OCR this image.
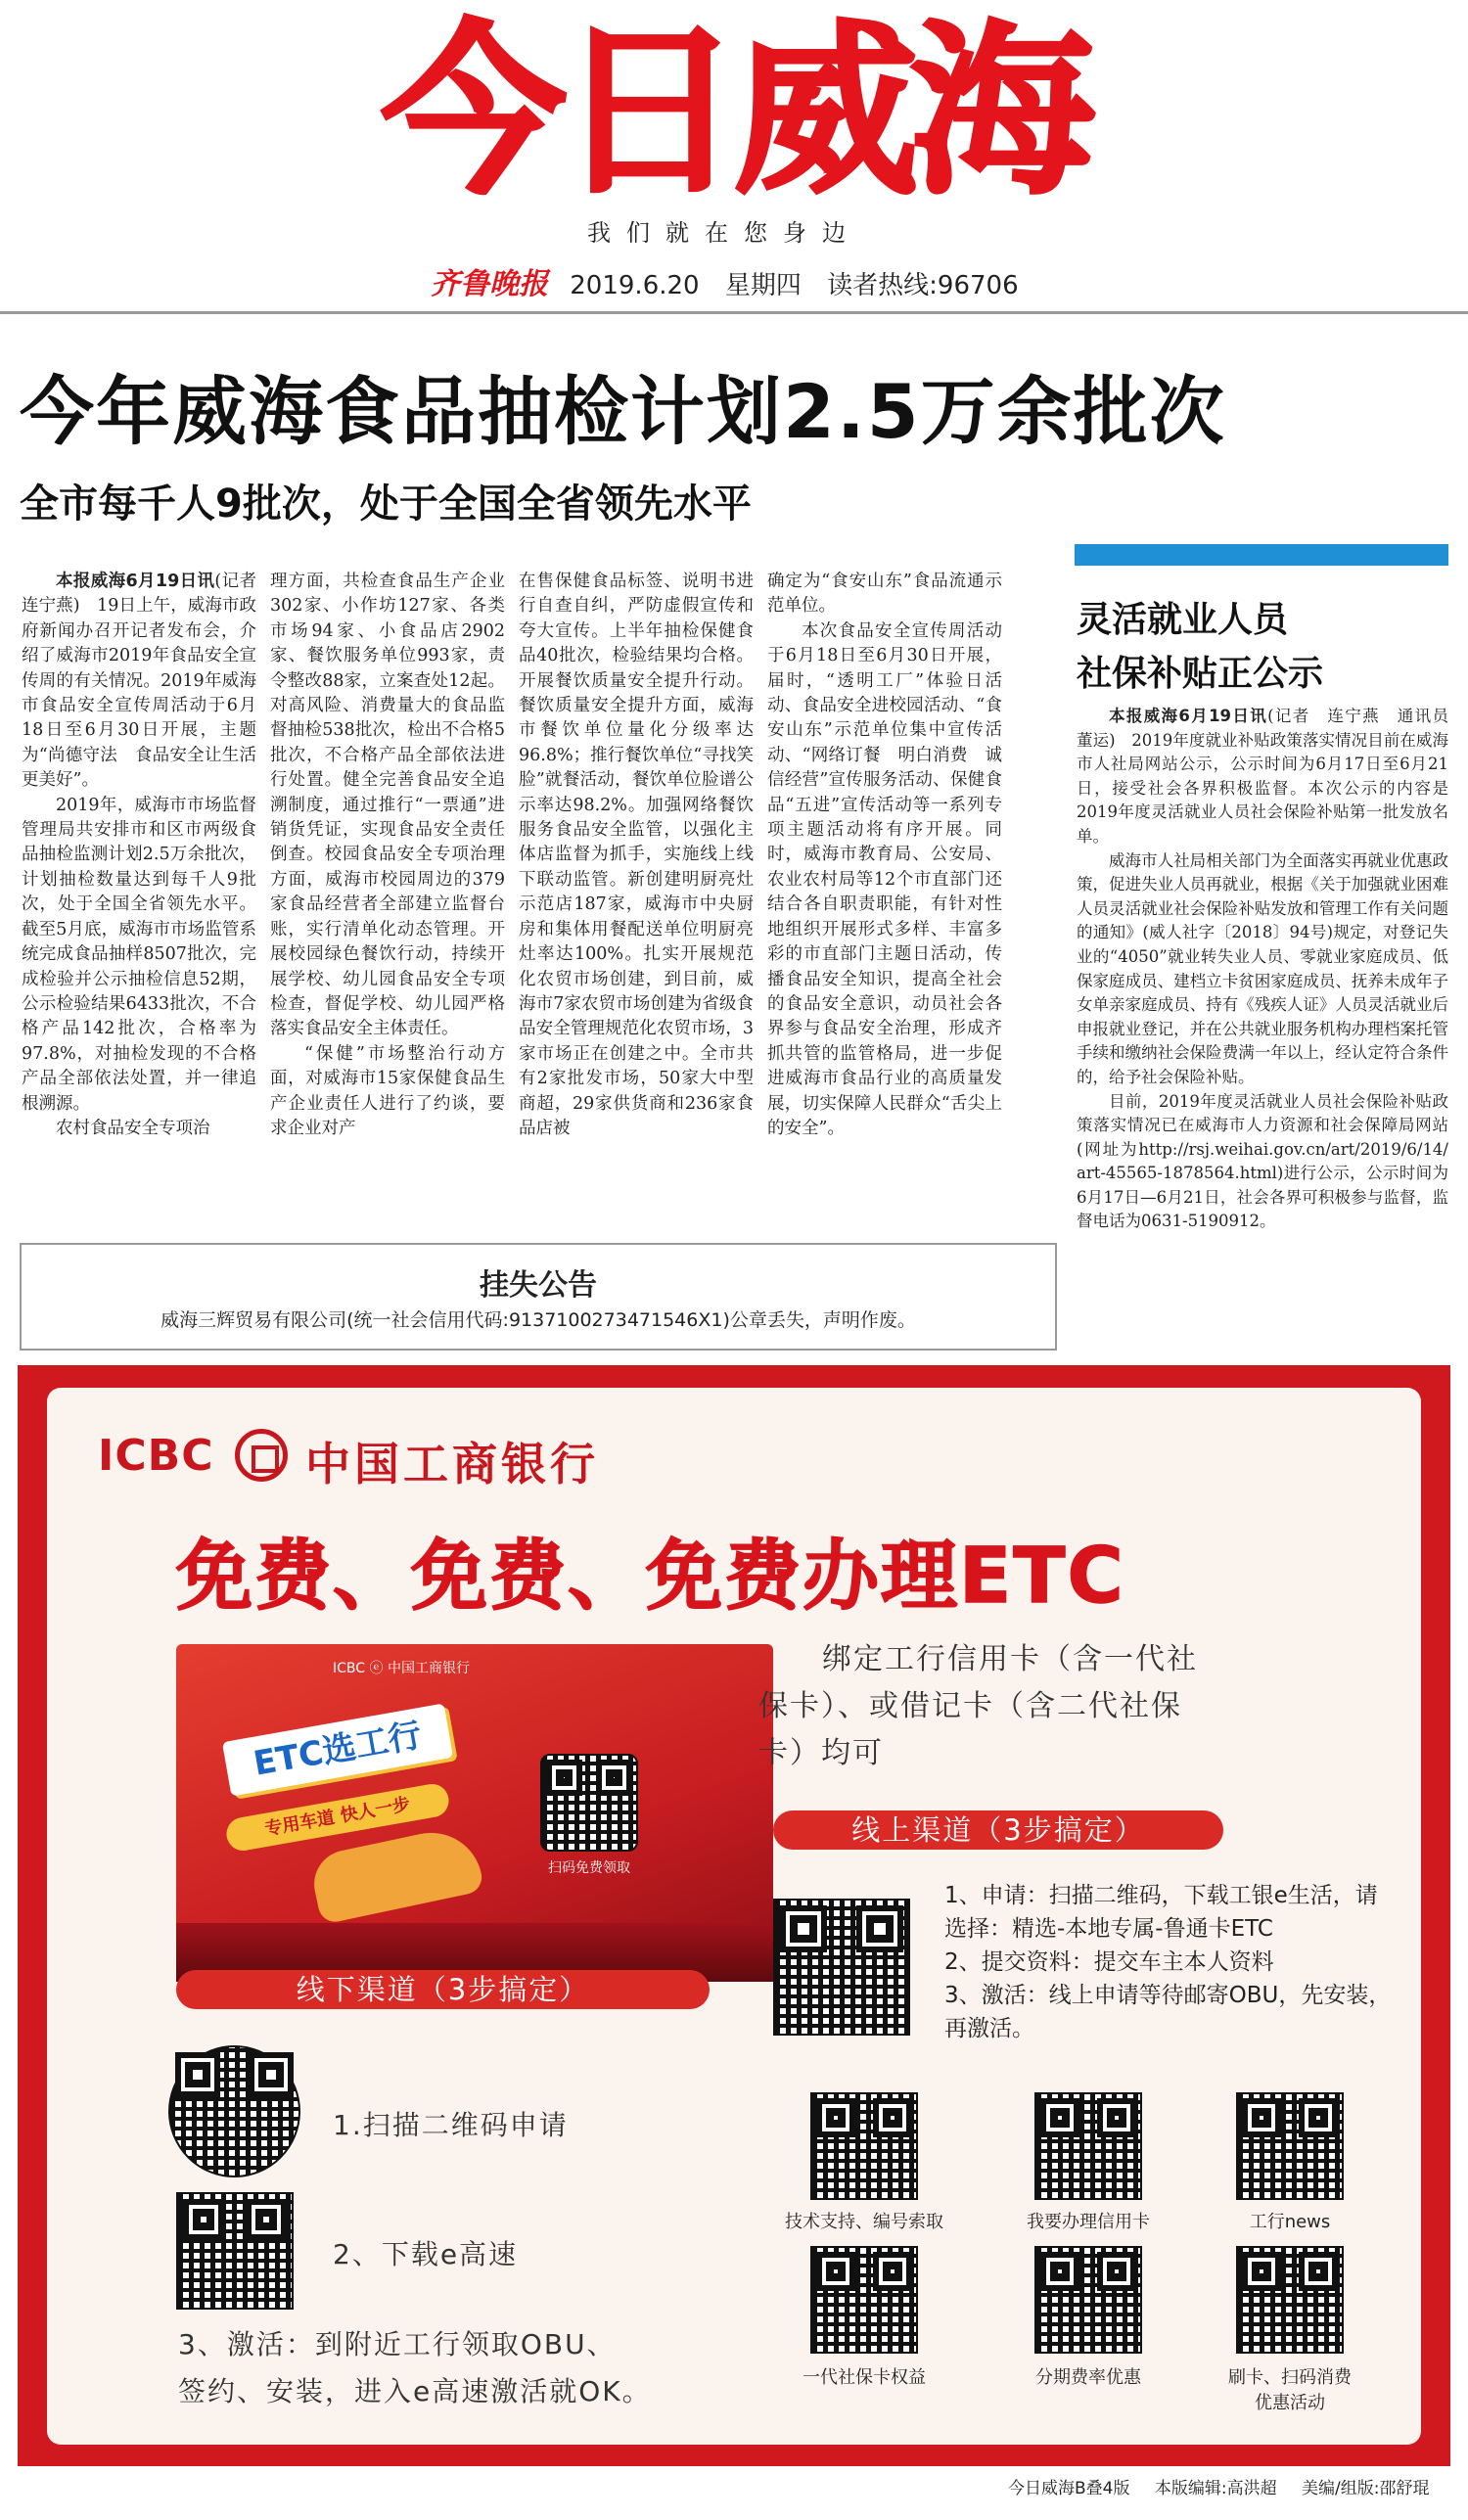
今日威海
我们就在您身边
齐鲁晚报 2019.6.20 星期四 读者热线:96706
今年威海食品抽检计划2.5万余批次
全市每千人9批次，处于全国全省领先水平

本报威海6月19日讯(记者　连宁燕)　19日上午，威海市政府新闻办召开记者发布会，介绍了威海市2019年食品安全宣传周的有关情况。2019年威海市食品安全宣传周活动于6月18日至6月30日开展，主题为“尚德守法　食品安全让生活更美好”。

2019年，威海市市场监督管理局共安排市和区市两级食品抽检监测计划2.5万余批次，计划抽检数量达到每千人9批次，处于全国全省领先水平。截至5月底，威海市市场监管系统完成食品抽样8507批次，完成检验并公示抽检信息52期，公示检验结果6433批次，不合格产品142批次，合格率为97.8%，对抽检发现的不合格产品全部依法处置，并一律追根溯源。

农村食品安全专项治

理方面，共检查食品生产企业302家、小作坊127家、各类市场94家、小食品店2902家、餐饮服务单位993家，责令整改88家，立案查处12起。对高风险、消费量大的食品监督抽检538批次，检出不合格5批次，不合格产品全部依法进行处置。健全完善食品安全追溯制度，通过推行“一票通”进销货凭证，实现食品安全责任倒查。校园食品安全专项治理方面，威海市校园周边的379家食品经营者全部建立监督台账，实行清单化动态管理。开展校园绿色餐饮行动，持续开展学校、幼儿园食品安全专项检查，督促学校、幼儿园严格落实食品安全主体责任。

“保健”市场整治行动方面，对威海市15家保健食品生产企业责任人进行了约谈，要求企业对产

在售保健食品标签、说明书进行自查自纠，严防虚假宣传和夸大宣传。上半年抽检保健食品40批次，检验结果均合格。开展餐饮质量安全提升行动。餐饮质量安全提升方面，威海市餐饮单位量化分级率达96.8%；推行餐饮单位“寻找笑脸”就餐活动，餐饮单位脸谱公示率达98.2%。加强网络餐饮服务食品安全监管，以强化主体店监督为抓手，实施线上线下联动监管。新创建明厨亮灶示范店187家，威海市中央厨房和集体用餐配送单位明厨亮灶率达100%。扎实开展规范化农贸市场创建，到目前，威海市7家农贸市场创建为省级食品安全管理规范化农贸市场，3家市场正在创建之中。全市共有2家批发市场，50家大中型商超，29家供货商和236家食品店被

确定为“食安山东”食品流通示范单位。

本次食品安全宣传周活动于6月18日至6月30日开展，届时，“透明工厂”体验日活动、食品安全进校园活动、“食安山东”示范单位集中宣传活动、“网络订餐　明白消费　诚信经营”宣传服务活动、保健食品“五进”宣传活动等一系列专项主题活动将有序开展。同时，威海市教育局、公安局、农业农村局等12个市直部门还结合各自职责职能，有针对性地组织开展形式多样、丰富多彩的市直部门主题日活动，传播食品安全知识，提高全社会的食品安全意识，动员社会各界参与食品安全治理，形成齐抓共管的监管格局，进一步促进威海市食品行业的高质量发展，切实保障人民群众“舌尖上的安全”。

灵活就业人员
社保补贴正公示

本报威海6月19日讯(记者　连宁燕　通讯员　董运)　2019年度就业补贴政策落实情况目前在威海市人社局网站公示，公示时间为6月17日至6月21日，接受社会各界积极监督。本次公示的内容是2019年度灵活就业人员社会保险补贴第一批发放名单。

威海市人社局相关部门为全面落实再就业优惠政策，促进失业人员再就业，根据《关于加强就业困难人员灵活就业社会保险补贴发放和管理工作有关问题的通知》(威人社字〔2018〕94号)规定，对登记失业的“4050”就业转失业人员、零就业家庭成员、低保家庭成员、建档立卡贫困家庭成员、抚养未成年子女单亲家庭成员、持有《残疾人证》人员灵活就业后申报就业登记，并在公共就业服务机构办理档案托管手续和缴纳社会保险费满一年以上，经认定符合条件的，给予社会保险补贴。

目前，2019年度灵活就业人员社会保险补贴政策落实情况已在威海市人力资源和社会保障局网站(网址为http://rsj.weihai.gov.cn/art/2019/6/14/art-45565-1878564.html)进行公示，公示时间为6月17日—6月21日，社会各界可积极参与监督，监督电话为0631-5190912。

挂失公告
威海三辉贸易有限公司(统一社会信用代码:9137100273471546X1)公章丢失，声明作废。
ICBC 中国工商银行
免费、免费、免费办理ETC
ICBC ⓔ 中国工商银行
ETC选工行
专用车道 快人一步
扫码免费领取
绑定工行信用卡（含一代社
保卡）、或借记卡（含二代社保
卡）均可
线上渠道（3步搞定）
1、申请：扫描二维码，下载工银e生活，请选择：精选-本地专属-鲁通卡ETC
2、提交资料：提交车主本人资料
3、激活：线上申请等待邮寄OBU，先安装，再激活。
线下渠道（3步搞定）
1.扫描二维码申请
2、下载e高速
3、激活：到附近工行领取OBU、
签约、安装，进入e高速激活就OK。
技术支持、编号索取	我要办理信用卡	工行news
一代社保卡权益	分期费率优惠	刷卡、扫码消费
优惠活动
今日威海B叠4版 本版编辑:高洪超 美编/组版:邵舒琨
